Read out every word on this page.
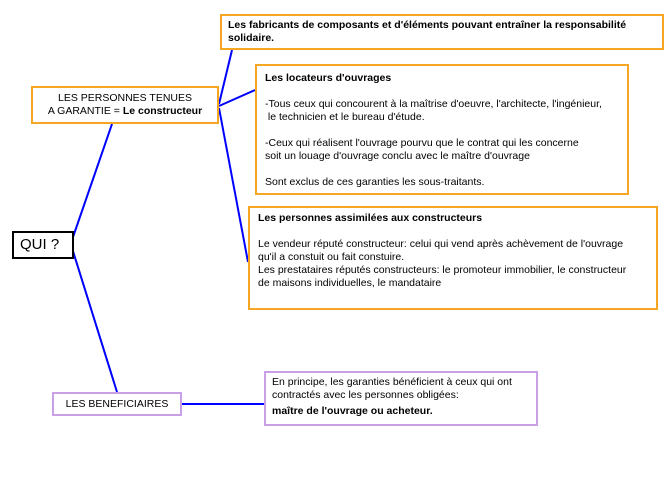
QUI ?

LES PERSONNES TENUES

A GARANTIE = Le constructeur

Les fabricants de composants et d'éléments pouvant entraîner la responsabilité solidaire.

Les locateurs d'ouvrages

-Tous ceux qui concourent à la maîtrise d'oeuvre, l'architecte, l'ingénieur,

le technicien et le bureau d'étude.

-Ceux qui réalisent l'ouvrage pourvu que le contrat qui les concerne

soit un louage d'ouvrage conclu avec le maître d'ouvrage

Sont exclus de ces garanties les sous-traitants.

Les personnes assimilées aux constructeurs

Le vendeur réputé constructeur: celui qui vend après achèvement de l'ouvrage

qu'il a constuit ou fait constuire.

Les prestataires réputés constructeurs: le promoteur immobilier, le constructeur

de maisons individuelles, le mandataire

LES BENEFICIAIRES

En principe, les garanties bénéficient à ceux qui ont

contractés avec les personnes obligées:

maître de l'ouvrage ou acheteur.
